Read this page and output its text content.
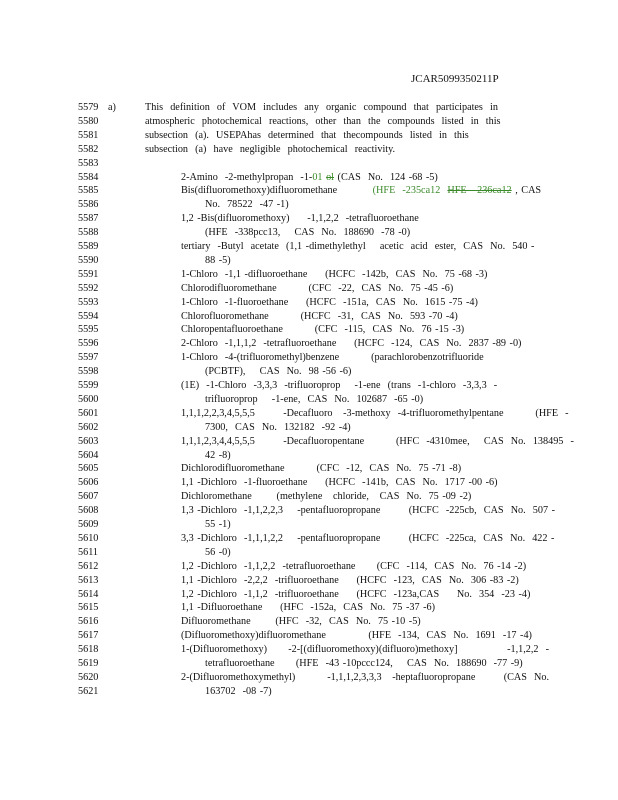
JCAR5099350211P
a)
5579	This  definition  of  VOM  includes  any  organic  compound  that  participates  in
5580	atmospheric  photochemical  reactions,  other  than  the  compounds  listed  in  this
5581	subsection  (a).  USEPAhas  determined  that  thecompounds  listed  in  this
5582	subsection  (a)  have  negligible  photochemical  reactivity.
5583
5584	2-Amino  -2-methylpropan  -1-01 ol (CAS  No.  124 -68 -5)
5585	Bis(difluoromethoxy)difluoromethane          (HFE  -235ca12 HFE  -236ca12 , CAS
5586	No.  78522  -47 -1)
5587	1,2 -Bis(difluoromethoxy)     -1,1,2,2  -tetrafluoroethane
5588	(HFE  -338pcc13,    CAS  No.  188690  -78 -0)
5589	tertiary  -Butyl  acetate  (1,1 -dimethylethyl    acetic  acid  ester,  CAS  No.  540 -
5590	88 -5)
5591	1-Chloro  -1,1 -difluoroethane     (HCFC  -142b,  CAS  No.  75 -68 -3)
5592	Chlorodifluoromethane         (CFC  -22,  CAS  No.  75 -45 -6)
5593	1-Chloro  -1-fluoroethane     (HCFC  -151a,  CAS  No.  1615 -75 -4)
5594	Chlorofluoromethane         (HCFC  -31,  CAS  No.  593 -70 -4)
5595	Chloropentafluoroethane         (CFC  -115,  CAS  No.  76 -15 -3)
5596	2-Chloro  -1,1,1,2  -tetrafluoroethane     (HCFC  -124,  CAS  No.  2837 -89 -0)
5597	1-Chloro  -4-(trifluoromethyl)benzene         (parachlorobenzotrifluoride
5598	(PCBTF),    CAS  No.  98 -56 -6)
5599	(1E)  -1-Chloro  -3,3,3  -trifluoroprop    -1-ene  (trans  -1-chloro  -3,3,3  -
5600	trifluoroprop    -1-ene,  CAS  No.  102687  -65 -0)
5601	1,1,1,2,2,3,4,5,5,5        -Decafluoro   -3-methoxy  -4-trifluoromethylpentane         (HFE  -
5602	7300,  CAS  No.  132182  -92 -4)
5603	1,1,1,2,3,4,4,5,5,5        -Decafluoropentane         (HFC  -4310mee,    CAS  No.  138495  -
5604	42 -8)
5605	Dichlorodifluoromethane         (CFC  -12,  CAS  No.  75 -71 -8)
5606	1,1 -Dichloro  -1-fluoroethane     (HCFC  -141b,  CAS  No.  1717 -00 -6)
5607	Dichloromethane       (methylene   chloride,   CAS  No.  75 -09 -2)
5608	1,3 -Dichloro  -1,1,2,2,3    -pentafluoropropane        (HCFC  -225cb,  CAS  No.  507 -
5609	55 -1)
5610	3,3 -Dichloro  -1,1,1,2,2    -pentafluoropropane        (HCFC  -225ca,  CAS  No.  422 -
5611	56 -0)
5612	1,2 -Dichloro  -1,1,2,2  -tetrafluoroethane      (CFC  -114,  CAS  No.  76 -14 -2)
5613	1,1 -Dichloro  -2,2,2  -trifluoroethane     (HCFC  -123,  CAS  No.  306 -83 -2)
5614	1,2 -Dichloro  -1,1,2  -trifluoroethane     (HCFC  -123a,CAS     No.  354  -23 -4)
5615	1,1 -Difluoroethane     (HFC  -152a,  CAS  No.  75 -37 -6)
5616	Difluoromethane       (HFC  -32,  CAS  No.  75 -10 -5)
5617	(Difluoromethoxy)difluoromethane            (HFE  -134,  CAS  No.  1691  -17 -4)
5618	1-(Difluoromethoxy)      -2-[(difluoromethoxy)(difluoro)methoxy]              -1,1,2,2  -
5619	tetrafluoroethane      (HFE  -43 -10pccc124,    CAS  No.  188690  -77 -9)
5620	2-(Difluoromethoxymethyl)         -1,1,1,2,3,3,3   -heptafluoropropane        (CAS  No.
5621	163702  -08 -7)
